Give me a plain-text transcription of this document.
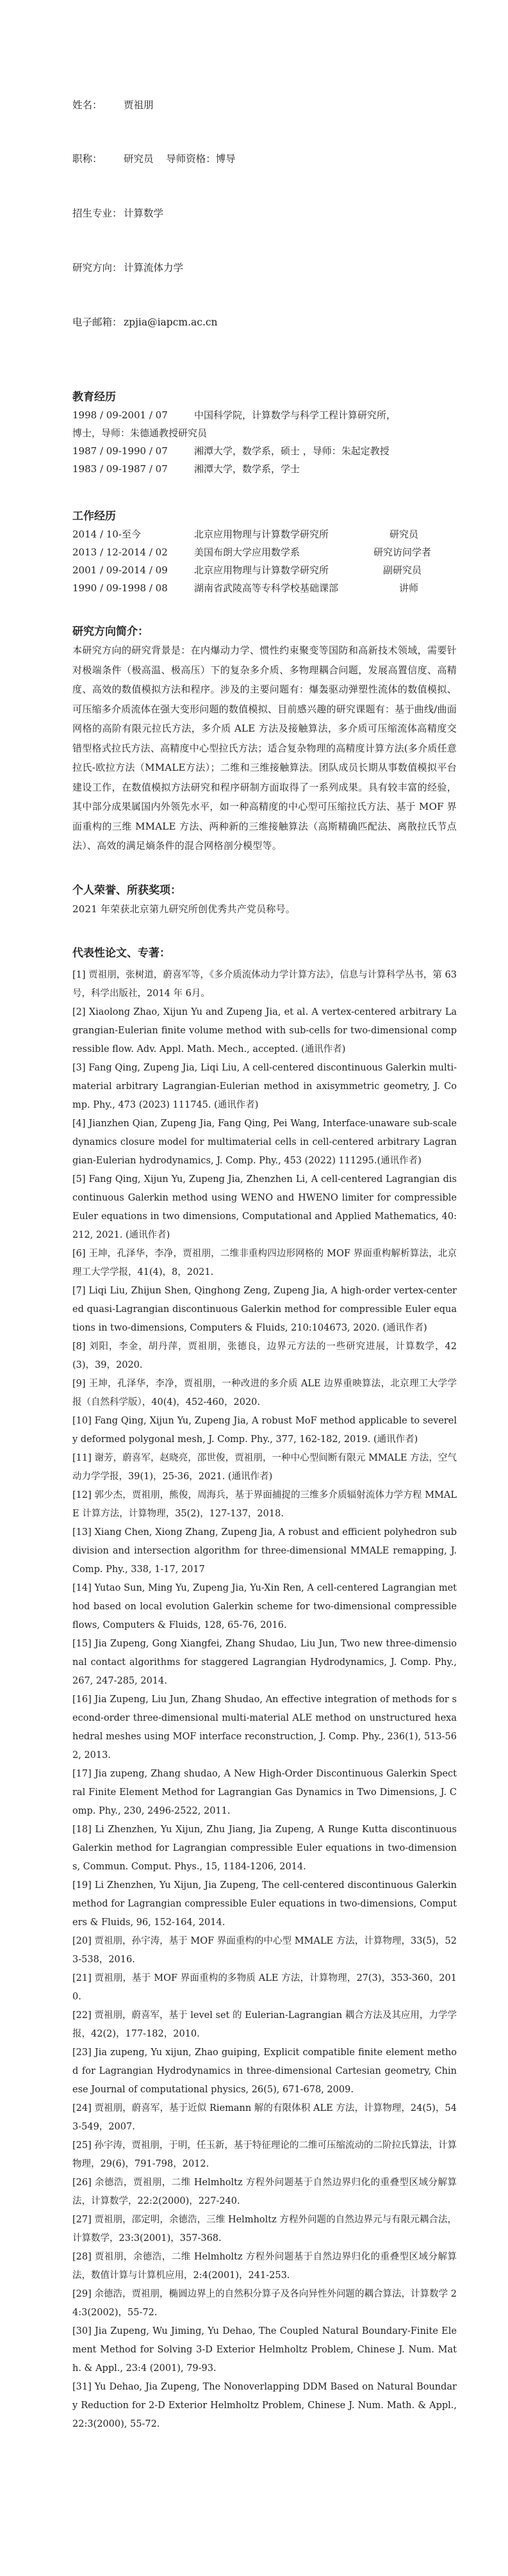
姓名： 贾祖朋

职称： 研究员    导师资格：博导

招生专业： 计算数学

研究方向： 计算流体力学

电子邮箱： zpjia@iapcm.ac.cn

教育经历
1998 / 09-2001 / 07	中国科学院，计算数学与科学工程计算研究所，
博士，导师：朱德通教授研究员
1987 / 09-1990 / 07	湘潭大学，数学系，硕士 ，导师：朱起定教授
1983 / 09-1987 / 07	湘潭大学，数学系，学士
工作经历
2014 / 10-至今	北京应用物理与计算数学研究所	研究员
2013 / 12-2014 / 02	美国布朗大学应用数学系	研究访问学者
2001 / 09-2014 / 09	北京应用物理与计算数学研究所	副研究员
1990 / 09-1998 / 08	湖南省武陵高等专科学校基础课部	讲师
研究方向简介：
本研究方向的研究背景是：在内爆动力学、惯性约束聚变等国防和高新技术领域，需要针对极端条件（极高温、极高压）下的复杂多介质、多物理耦合问题，发展高置信度、高精度、高效的数值模拟方法和程序。涉及的主要问题有：爆轰驱动弹塑性流体的数值模拟、可压缩多介质流体在强大变形问题的数值模拟、目前感兴趣的研究课题有：基于曲线/曲面网格的高阶有限元拉氏方法，多介质 ALE 方法及接触算法，多介质可压缩流体高精度交错型格式拉氏方法、高精度中心型拉氏方法；适合复杂物理的高精度计算方法(多介质任意拉氏-欧拉方法（MMALE方法）；二维和三维接触算法。团队成员长期从事数值模拟平台建设工作，在数值模拟方法研究和程序研制方面取得了一系列成果。具有较丰富的经验，其中部分成果属国内外领先水平，如一种高精度的中心型可压缩拉氏方法、基于 MOF 界面重构的三维 MMALE 方法、两种新的三维接触算法（高斯精确匹配法、离散拉氏节点法）、高效的满足熵条件的混合网格剖分模型等。
个人荣誉、所获奖项：
2021 年荣获北京第九研究所创优秀共产党员称号。
代表性论文、专著：
[1] 贾祖朋，张树道，蔚喜军等，《多介质流体动力学计算方法》，信息与计算科学丛书，第 63 号，科学出版社，2014 年 6月。
[2] Xiaolong Zhao, Xijun Yu and Zupeng Jia, et al. A vertex-centered arbitrary Lagrangian-Eulerian finite volume method with sub-cells for two-dimensional compressible flow. Adv. Appl. Math. Mech., accepted. (通讯作者)
[3] Fang Qing, Zupeng Jia, Liqi Liu, A cell-centered discontinuous Galerkin multi-material arbitrary Lagrangian-Eulerian method in axisymmetric geometry, J. Comp. Phy., 473 (2023) 111745. (通讯作者)
[4] Jianzhen Qian, Zupeng Jia, Fang Qing, Pei Wang, Interface-unaware sub-scale dynamics closure model for multimaterial cells in cell-centered arbitrary Lagrangian-Eulerian hydrodynamics, J. Comp. Phy., 453 (2022) 111295.(通讯作者)
[5] Fang Qing, Xijun Yu, Zupeng Jia, Zhenzhen Li, A cell-centered Lagrangian discontinuous Galerkin method using WENO and HWENO limiter for compressible Euler equations in two dimensions, Computational and Applied Mathematics, 40: 212, 2021. (通讯作者)
[6] 王坤，孔泽华，李净，贾祖朋，二维非重构四边形网格的 MOF 界面重构解析算法，北京理工大学学报，41(4)，8，2021.
[7] Liqi Liu, Zhijun Shen, Qinghong Zeng, Zupeng Jia, A high-order vertex-centered quasi-Lagrangian discontinuous Galerkin method for compressible Euler equations in two-dimensions, Computers & Fluids, 210:104673, 2020. (通讯作者)
[8] 刘阳，李金，胡丹萍，贾祖朋，张德良，边界元方法的一些研究进展，计算数学，42(3)，39，2020.
[9] 王坤，孔泽华，李净，贾祖朋，一种改进的多介质 ALE 边界重映算法，北京理工大学学报（自然科学版），40(4)，452-460，2020.
[10] Fang Qing, Xijun Yu, Zupeng Jia, A robust MoF method applicable to severely deformed polygonal mesh, J. Comp. Phy., 377, 162-182, 2019. (通讯作者)
[11] 谢芳，蔚喜军，赵晓亮，邵世俊，贾祖朋，一种中心型间断有限元 MMALE 方法，空气动力学学报，39(1)，25-36，2021. (通讯作者)
[12] 郭少杰，贾祖朋，熊俊，周海兵，基于界面捕捉的三维多介质辐射流体力学方程 MMALE 计算方法，计算物理，35(2)，127-137，2018.
[13] Xiang Chen, Xiong Zhang, Zupeng Jia, A robust and efficient polyhedron subdivision and intersection algorithm for three-dimensional MMALE remapping, J. Comp. Phy., 338, 1-17, 2017
[14] Yutao Sun, Ming Yu, Zupeng Jia, Yu-Xin Ren, A cell-centered Lagrangian method based on local evolution Galerkin scheme for two-dimensional compressible flows, Computers & Fluids, 128, 65-76, 2016.
[15] Jia Zupeng, Gong Xiangfei, Zhang Shudao, Liu Jun, Two new three-dimensional contact algorithms for staggered Lagrangian Hydrodynamics, J. Comp. Phy., 267, 247-285, 2014.
[16] Jia Zupeng, Liu Jun, Zhang Shudao, An effective integration of methods for second-order three-dimensional multi-material ALE method on unstructured hexahedral meshes using MOF interface reconstruction, J. Comp. Phy., 236(1), 513-562, 2013.
[17] Jia zupeng, Zhang shudao, A New High-Order Discontinuous Galerkin Spectral Finite Element Method for Lagrangian Gas Dynamics in Two Dimensions, J. Comp. Phy., 230, 2496-2522, 2011.
[18] Li Zhenzhen, Yu Xijun, Zhu Jiang, Jia Zupeng, A Runge Kutta discontinuous Galerkin method for Lagrangian compressible Euler equations in two-dimensions, Commun. Comput. Phys., 15, 1184-1206, 2014.
[19] Li Zhenzhen, Yu Xijun, Jia Zupeng, The cell-centered discontinuous Galerkin method for Lagrangian compressible Euler equations in two-dimensions, Computers & Fluids, 96, 152-164, 2014.
[20] 贾祖朋，孙宇涛，基于 MOF 界面重构的中心型 MMALE 方法，计算物理，33(5)，523-538，2016.
[21] 贾祖朋，基于 MOF 界面重构的多物质 ALE 方法，计算物理，27(3)，353-360，2010.
[22] 贾祖朋，蔚喜军，基于 level set 的 Eulerian-Lagrangian 耦合方法及其应用，力学学报，42(2)，177-182，2010.
[23] Jia zupeng, Yu xijun, Zhao guiping, Explicit compatible finite element method for Lagrangian Hydrodynamics in three-dimensional Cartesian geometry, Chinese Journal of computational physics, 26(5), 671-678, 2009.
[24] 贾祖朋，蔚喜军，基于近似 Riemann 解的有限体积 ALE 方法，计算物理，24(5)，543-549，2007.
[25] 孙宇涛，贾祖朋，于明，任玉新，基于特征理论的二维可压缩流动的二阶拉氏算法，计算物理，29(6)，791-798，2012.
[26] 余德浩，贾祖朋，二维 Helmholtz 方程外问题基于自然边界归化的重叠型区域分解算法，计算数学，22:2(2000)，227-240.
[27] 贾祖朋，邵定明，余德浩，三维 Helmholtz 方程外问题的自然边界元与有限元耦合法，计算数学，23:3(2001)，357-368.
[28] 贾祖朋，余德浩，二维 Helmholtz 方程外问题基于自然边界归化的重叠型区域分解算法，数值计算与计算机应用，2:4(2001)，241-253.
[29] 余德浩，贾祖朋，椭圆边界上的自然积分算子及各向异性外问题的耦合算法，计算数学 24:3(2002)，55-72.
[30] Jia Zupeng, Wu Jiming, Yu Dehao, The Coupled Natural Boundary-Finite Element Method for Solving 3-D Exterior Helmholtz Problem, Chinese J. Num. Math. & Appl., 23:4 (2001), 79-93.
[31] Yu Dehao, Jia Zupeng, The Nonoverlapping DDM Based on Natural Boundary Reduction for 2-D Exterior Helmholtz Problem, Chinese J. Num. Math. & Appl., 22:3(2000), 55-72.
